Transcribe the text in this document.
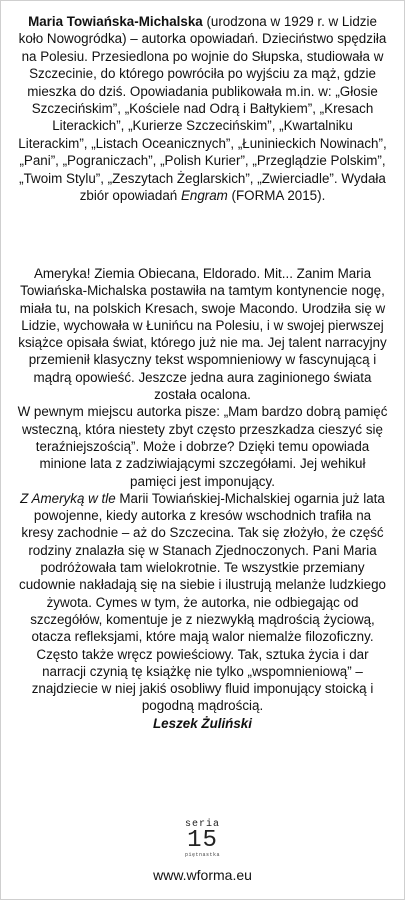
Maria Towiańska-Michalska (urodzona w 1929 r. w Lidzie koło Nowogródka) – autorka opowiadań. Dzieciństwo spędziła na Polesiu. Przesiedlona po wojnie do Słupska, studiowała w Szczecinie, do którego powróciła po wyjściu za mąż, gdzie mieszka do dziś. Opowiadania publikowała m.in. w: „Głosie Szczecińskim”, „Kościele nad Odrą i Bałtykiem”, „Kresach Literackich”, „Kurierze Szczecińskim”, „Kwartalniku Literackim”, „Listach Oceanicznych”, „Łuninieckich Nowinach”, „Pani”, „Pograniczach”, „Polish Kurier”, „Przeglądzie Polskim”, „Twoim Stylu”, „Zeszytach Żeglarskich”, „Zwierciadle”. Wydała zbiór opowiadań Engram (FORMA 2015).

Ameryka! Ziemia Obiecana, Eldorado. Mit... Zanim Maria Towiańska-Michalska postawiła na tamtym kontynencie nogę, miała tu, na polskich Kresach, swoje Macondo. Urodziła się w Lidzie, wychowała w Łunińcu na Polesiu, i w swojej pierwszej książce opisała świat, którego już nie ma. Jej talent narracyjny przemienił klasyczny tekst wspomnieniowy w fascynującą i mądrą opowieść. Jeszcze jedna aura zaginionego świata została ocalona.

W pewnym miejscu autorka pisze: „Mam bardzo dobrą pamięć wsteczną, która niestety zbyt często przeszkadza cieszyć się teraźniejszością”. Może i dobrze? Dzięki temu opowiada minione lata z zadziwiającymi szczegółami. Jej wehikuł pamięci jest imponujący.

Z Ameryką w tle Marii Towiańskiej-Michalskiej ogarnia już lata powojenne, kiedy autorka z kresów wschodnich trafiła na kresy zachodnie – aż do Szczecina. Tak się złożyło, że część rodziny znalazła się w Stanach Zjednoczonych. Pani Maria podróżowała tam wielokrotnie. Te wszystkie przemiany cudownie nakładają się na siebie i ilustrują melanże ludzkiego żywota. Cymes w tym, że autorka, nie odbiegając od szczegółów, komentuje je z niezwykłą mądrością życiową, otacza refleksjami, które mają walor niemalże filozoficzny. Często także wręcz powieściowy. Tak, sztuka życia i dar narracji czynią tę książkę nie tylko „wspomnieniową” – znajdziecie w niej jakiś osobliwy fluid imponujący stoicką i pogodną mądrością.

Leszek Żuliński

seria
15
piętnastka
www.wforma.eu
